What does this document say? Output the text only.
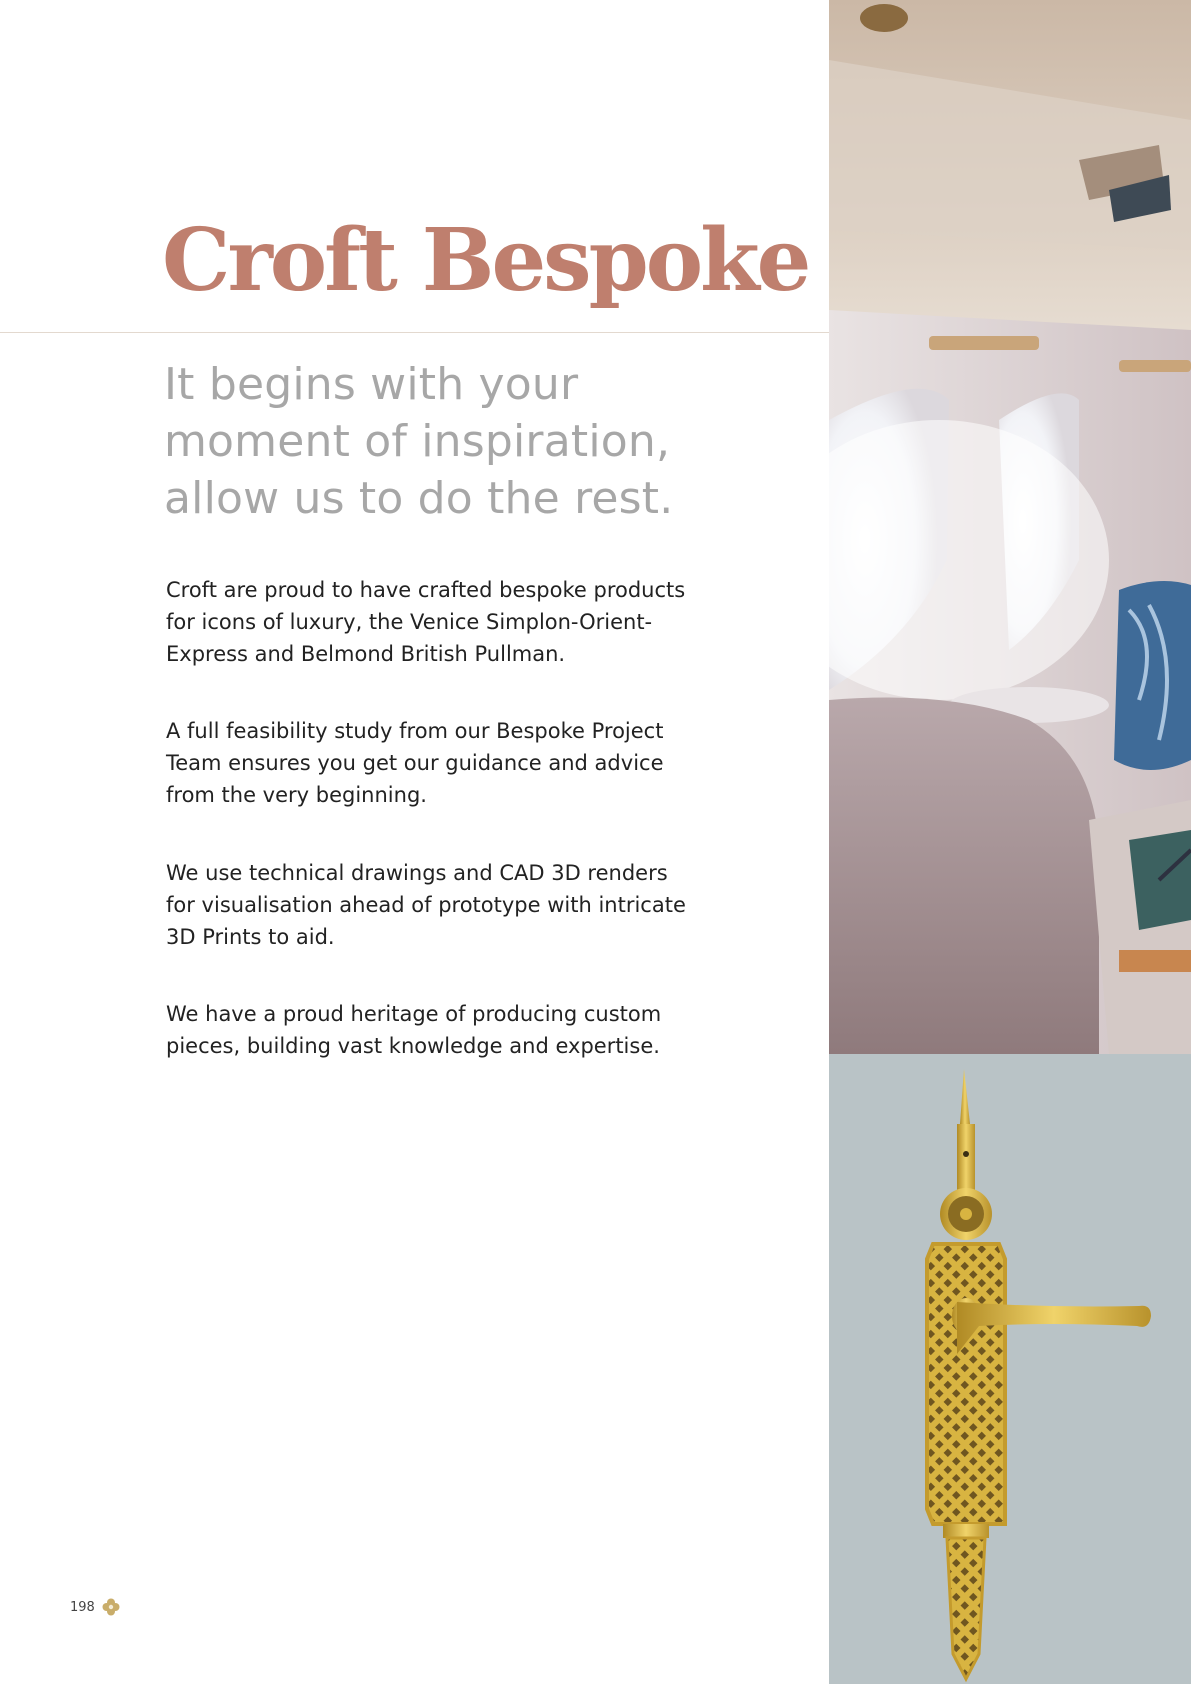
Croft Bespoke
It begins with your
moment of inspiration,
allow us to do the rest.

Croft are proud to have crafted bespoke products
for icons of luxury, the Venice Simplon-Orient-
Express and Belmond British Pullman.

A full feasibility study from our Bespoke Project
Team ensures you get our guidance and advice
from the very beginning.

We use technical drawings and CAD 3D renders
for visualisation ahead of prototype with intricate
3D Prints to aid.

We have a proud heritage of producing custom
pieces, building vast knowledge and expertise.

198
